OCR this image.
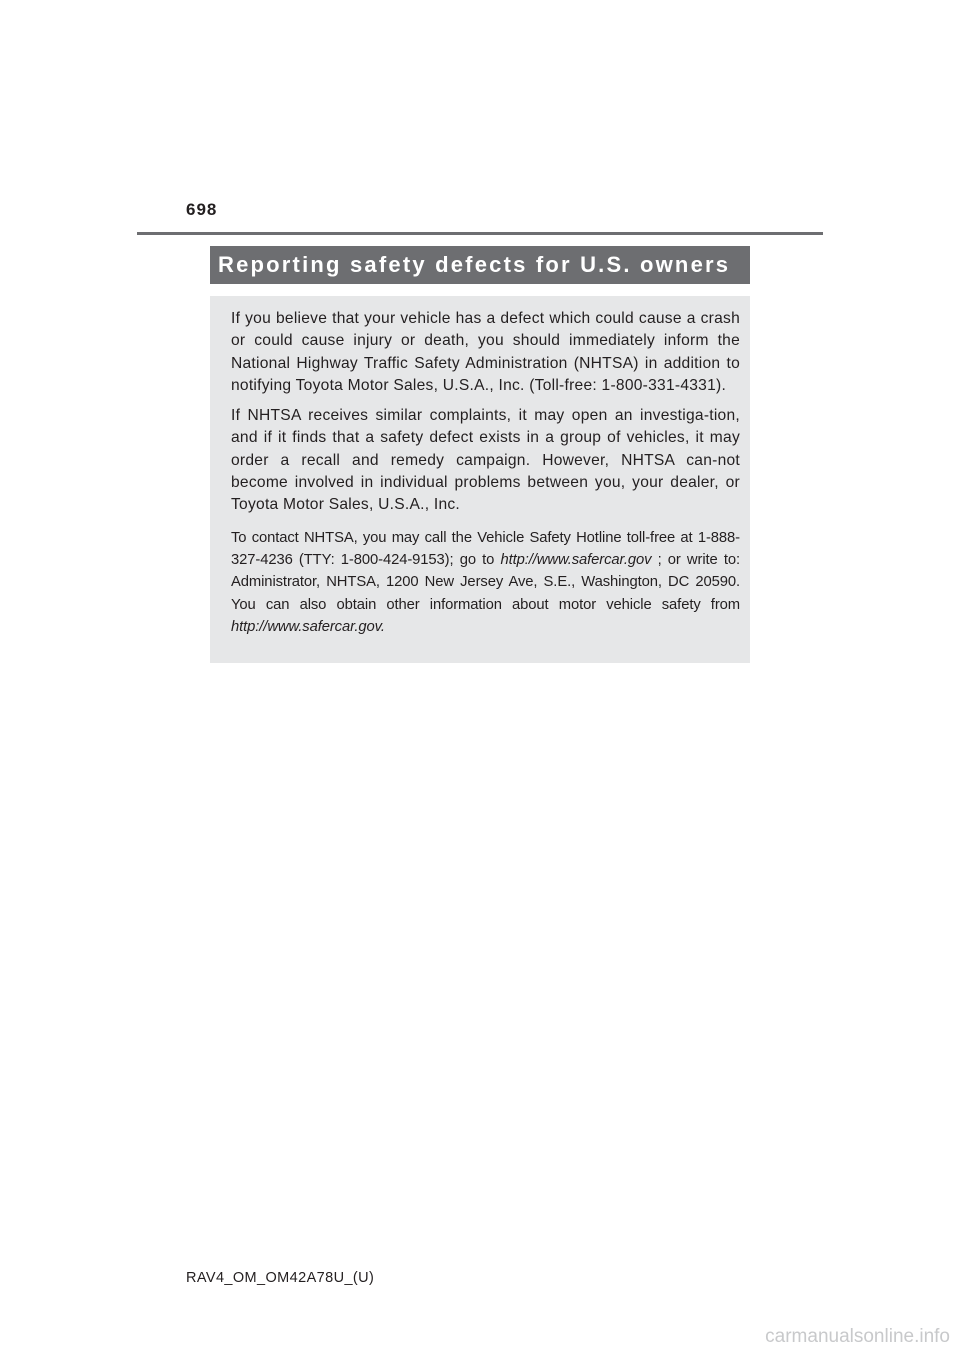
698
Reporting safety defects for U.S. owners

If you believe that your vehicle has a defect which could cause a crash or could cause injury or death, you should immediately inform the National Highway Traffic Safety Administration (NHTSA) in addition to notifying Toyota Motor Sales, U.S.A., Inc. (Toll-free: 1-800-331-4331).

If NHTSA receives similar complaints, it may open an investiga-tion, and if it finds that a safety defect exists in a group of vehicles, it may order a recall and remedy campaign. However, NHTSA can-not become involved in individual problems between you, your dealer, or Toyota Motor Sales, U.S.A., Inc.

To contact NHTSA, you may call the Vehicle Safety Hotline toll-free at 1-888-327-4236 (TTY: 1-800-424-9153); go to http://www.safercar.gov ; or write to: Administrator, NHTSA, 1200 New Jersey Ave, S.E., Washington, DC 20590. You can also obtain other information about motor vehicle safety from http://www.safercar.gov.

RAV4_OM_OM42A78U_(U)
carmanualsonline.info
